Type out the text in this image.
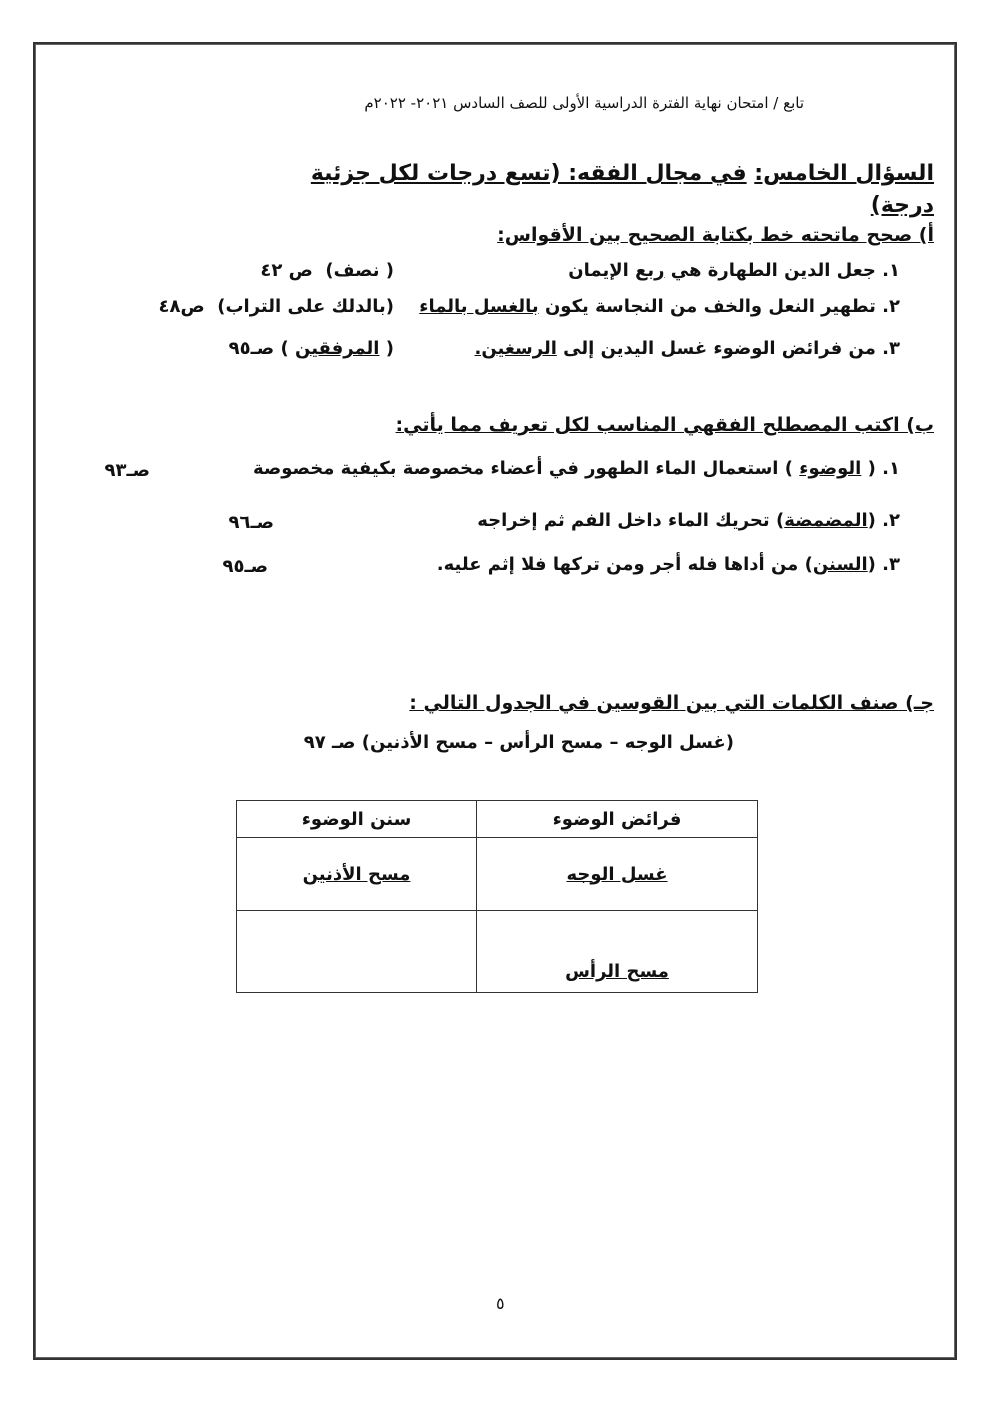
تابع / امتحان نهاية الفترة الدراسية الأولى للصف السادس ٢٠٢١- ٢٠٢٢م
السؤال الخامس: في مجال الفقه: (تسع درجات لكل جزئية
درجة)
أ) صحح ماتحته خط بكتابة الصحيح بين الأقواس:
١. جعل الدين الطهارة هي ربع الإيمان
( نصف)  ص ٤٢
٢. تطهير النعل والخف من النجاسة يكون بالغسل بالماء
(بالدلك على التراب)  ص٤٨
٣. من فرائض الوضوء غسل اليدين إلى الرسغين.
( المرفقين ) صـ٩٥
ب) اكتب المصطلح الفقهي المناسب لكل تعريف مما يأتي:
١. ( الوضوء ) استعمال الماء الطهور في أعضاء مخصوصة بكيفية مخصوصة
صـ٩٣
٢. (المضمضة) تحريك الماء داخل الفم ثم إخراجه
صـ٩٦
٣. (السنن) من أداها فله أجر ومن تركها فلا إثم عليه.
صـ٩٥
جـ) صنف الكلمات التي بين القوسين في الجدول التالي :
(غسل الوجه – مسح الرأس – مسح الأذنين) صـ ٩٧
فرائض الوضوء	سنن الوضوء
غسل الوجه	مسح الأذنين
مسح الرأس	
٥
